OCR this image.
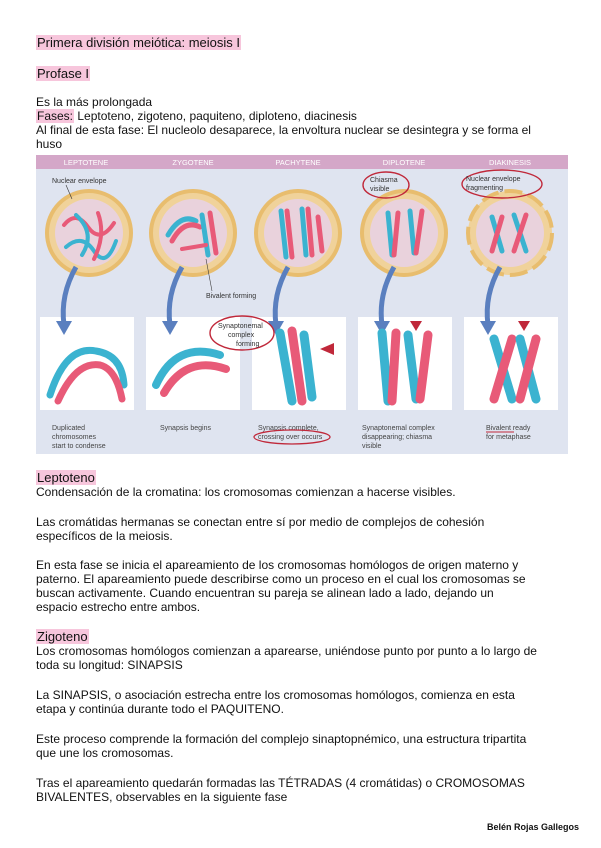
Primera división meiótica: meiosis I
Profase I

Es la más prolongada

Fases: Leptoteno, zigoteno, paquiteno, diploteno, diacinesis

Al final de esta fase: El nucleolo desaparece, la envoltura nuclear se desintegra y se forma el

huso

LEPTOTENE	ZYGOTENE	PACHYTENE	DIPLOTENE	DIAKINESIS
Nuclear envelope
Bivalent forming
Chiasma
visible
Nuclear envelope
fragmenting
Synaptonemal
complex
forming
Duplicated
chromosomes
start to condense
Synapsis begins	Synapsis complete,
crossing over occurs
Synaptonemal complex
disappearing; chiasma
visible
Bivalent ready
for metaphase
Leptoteno

Condensación de la cromatina: los cromosomas comienzan a hacerse visibles.

Las cromátidas hermanas se conectan entre sí por medio de complejos de cohesión

específicos de la meiosis.

En esta fase se inicia el apareamiento de los cromosomas homólogos de origen materno y

paterno. El apareamiento puede describirse como un proceso en el cual los cromosomas se

buscan activamente. Cuando encuentran su pareja se alinean lado a lado, dejando un

espacio estrecho entre ambos.

Zigoteno

Los cromosomas homólogos comienzan a aparearse, uniéndose punto por punto a lo largo de

toda su longitud: SINAPSIS

La SINAPSIS, o asociación estrecha entre los cromosomas homólogos, comienza en esta

etapa y continúa durante todo el PAQUITENO.

Este proceso comprende la formación del complejo sinaptopnémico, una estructura tripartita

que une los cromosomas.

Tras el apareamiento quedarán formadas las TÉTRADAS (4 cromátidas) o CROMOSOMAS

BIVALENTES, observables en la siguiente fase

Belén Rojas Gallegos
